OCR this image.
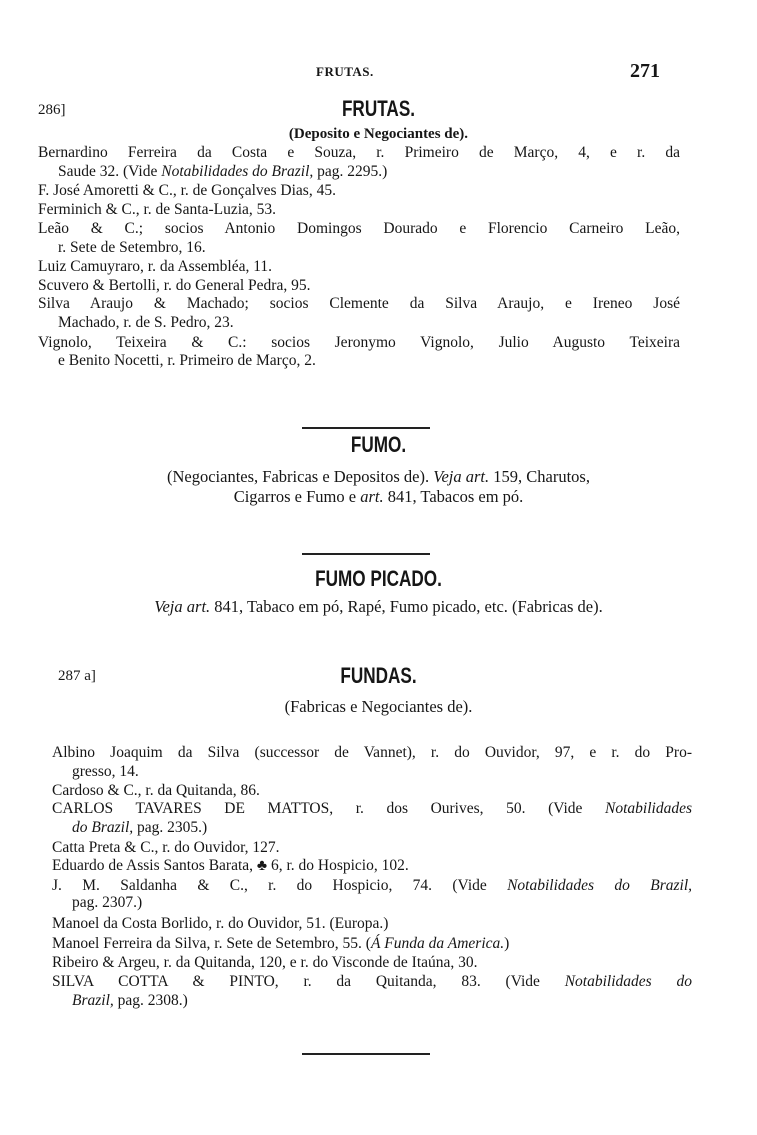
FRUTAS.	271
286]	FRUTAS.
(Deposito e Negociantes de).
Bernardino Ferreira da Costa e Souza, r. Primeiro de Março, 4, e r. da
Saude 32. (Vide Notabilidades do Brazil, pag. 2295.)
F. José Amoretti & C., r. de Gonçalves Dias, 45.
Ferminich & C., r. de Santa-Luzia, 53.
Leão & C.; socios Antonio Domingos Dourado e Florencio Carneiro Leão,
r. Sete de Setembro, 16.
Luiz Camuyraro, r. da Assembléa, 11.
Scuvero & Bertolli, r. do General Pedra, 95.
Silva Araujo & Machado; socios Clemente da Silva Araujo, e Ireneo José
Machado, r. de S. Pedro, 23.
Vignolo, Teixeira & C.: socios Jeronymo Vignolo, Julio Augusto Teixeira
e Benito Nocetti, r. Primeiro de Março, 2.
FUMO.
(Negociantes, Fabricas e Depositos de). Veja art. 159, Charutos,
Cigarros e Fumo e art. 841, Tabacos em pó.
FUMO PICADO.
Veja art. 841, Tabaco em pó, Rapé, Fumo picado, etc. (Fabricas de).
287 a]	FUNDAS.
(Fabricas e Negociantes de).
Albino Joaquim da Silva (successor de Vannet), r. do Ouvidor, 97, e r. do Pro-
gresso, 14.
Cardoso & C., r. da Quitanda, 86.
CARLOS TAVARES DE MATTOS, r. dos Ourives, 50. (Vide Notabilidades
do Brazil, pag. 2305.)
Catta Preta & C., r. do Ouvidor, 127.
Eduardo de Assis Santos Barata, ♣ 6, r. do Hospicio, 102.
J. M. Saldanha & C., r. do Hospicio, 74. (Vide Notabilidades do Brazil,
pag. 2307.)
Manoel da Costa Borlido, r. do Ouvidor, 51. (Europa.)
Manoel Ferreira da Silva, r. Sete de Setembro, 55. (Á Funda da America.)
Ribeiro & Argeu, r. da Quitanda, 120, e r. do Visconde de Itaúna, 30.
SILVA COTTA & PINTO, r. da Quitanda, 83. (Vide Notabilidades do
Brazil, pag. 2308.)
